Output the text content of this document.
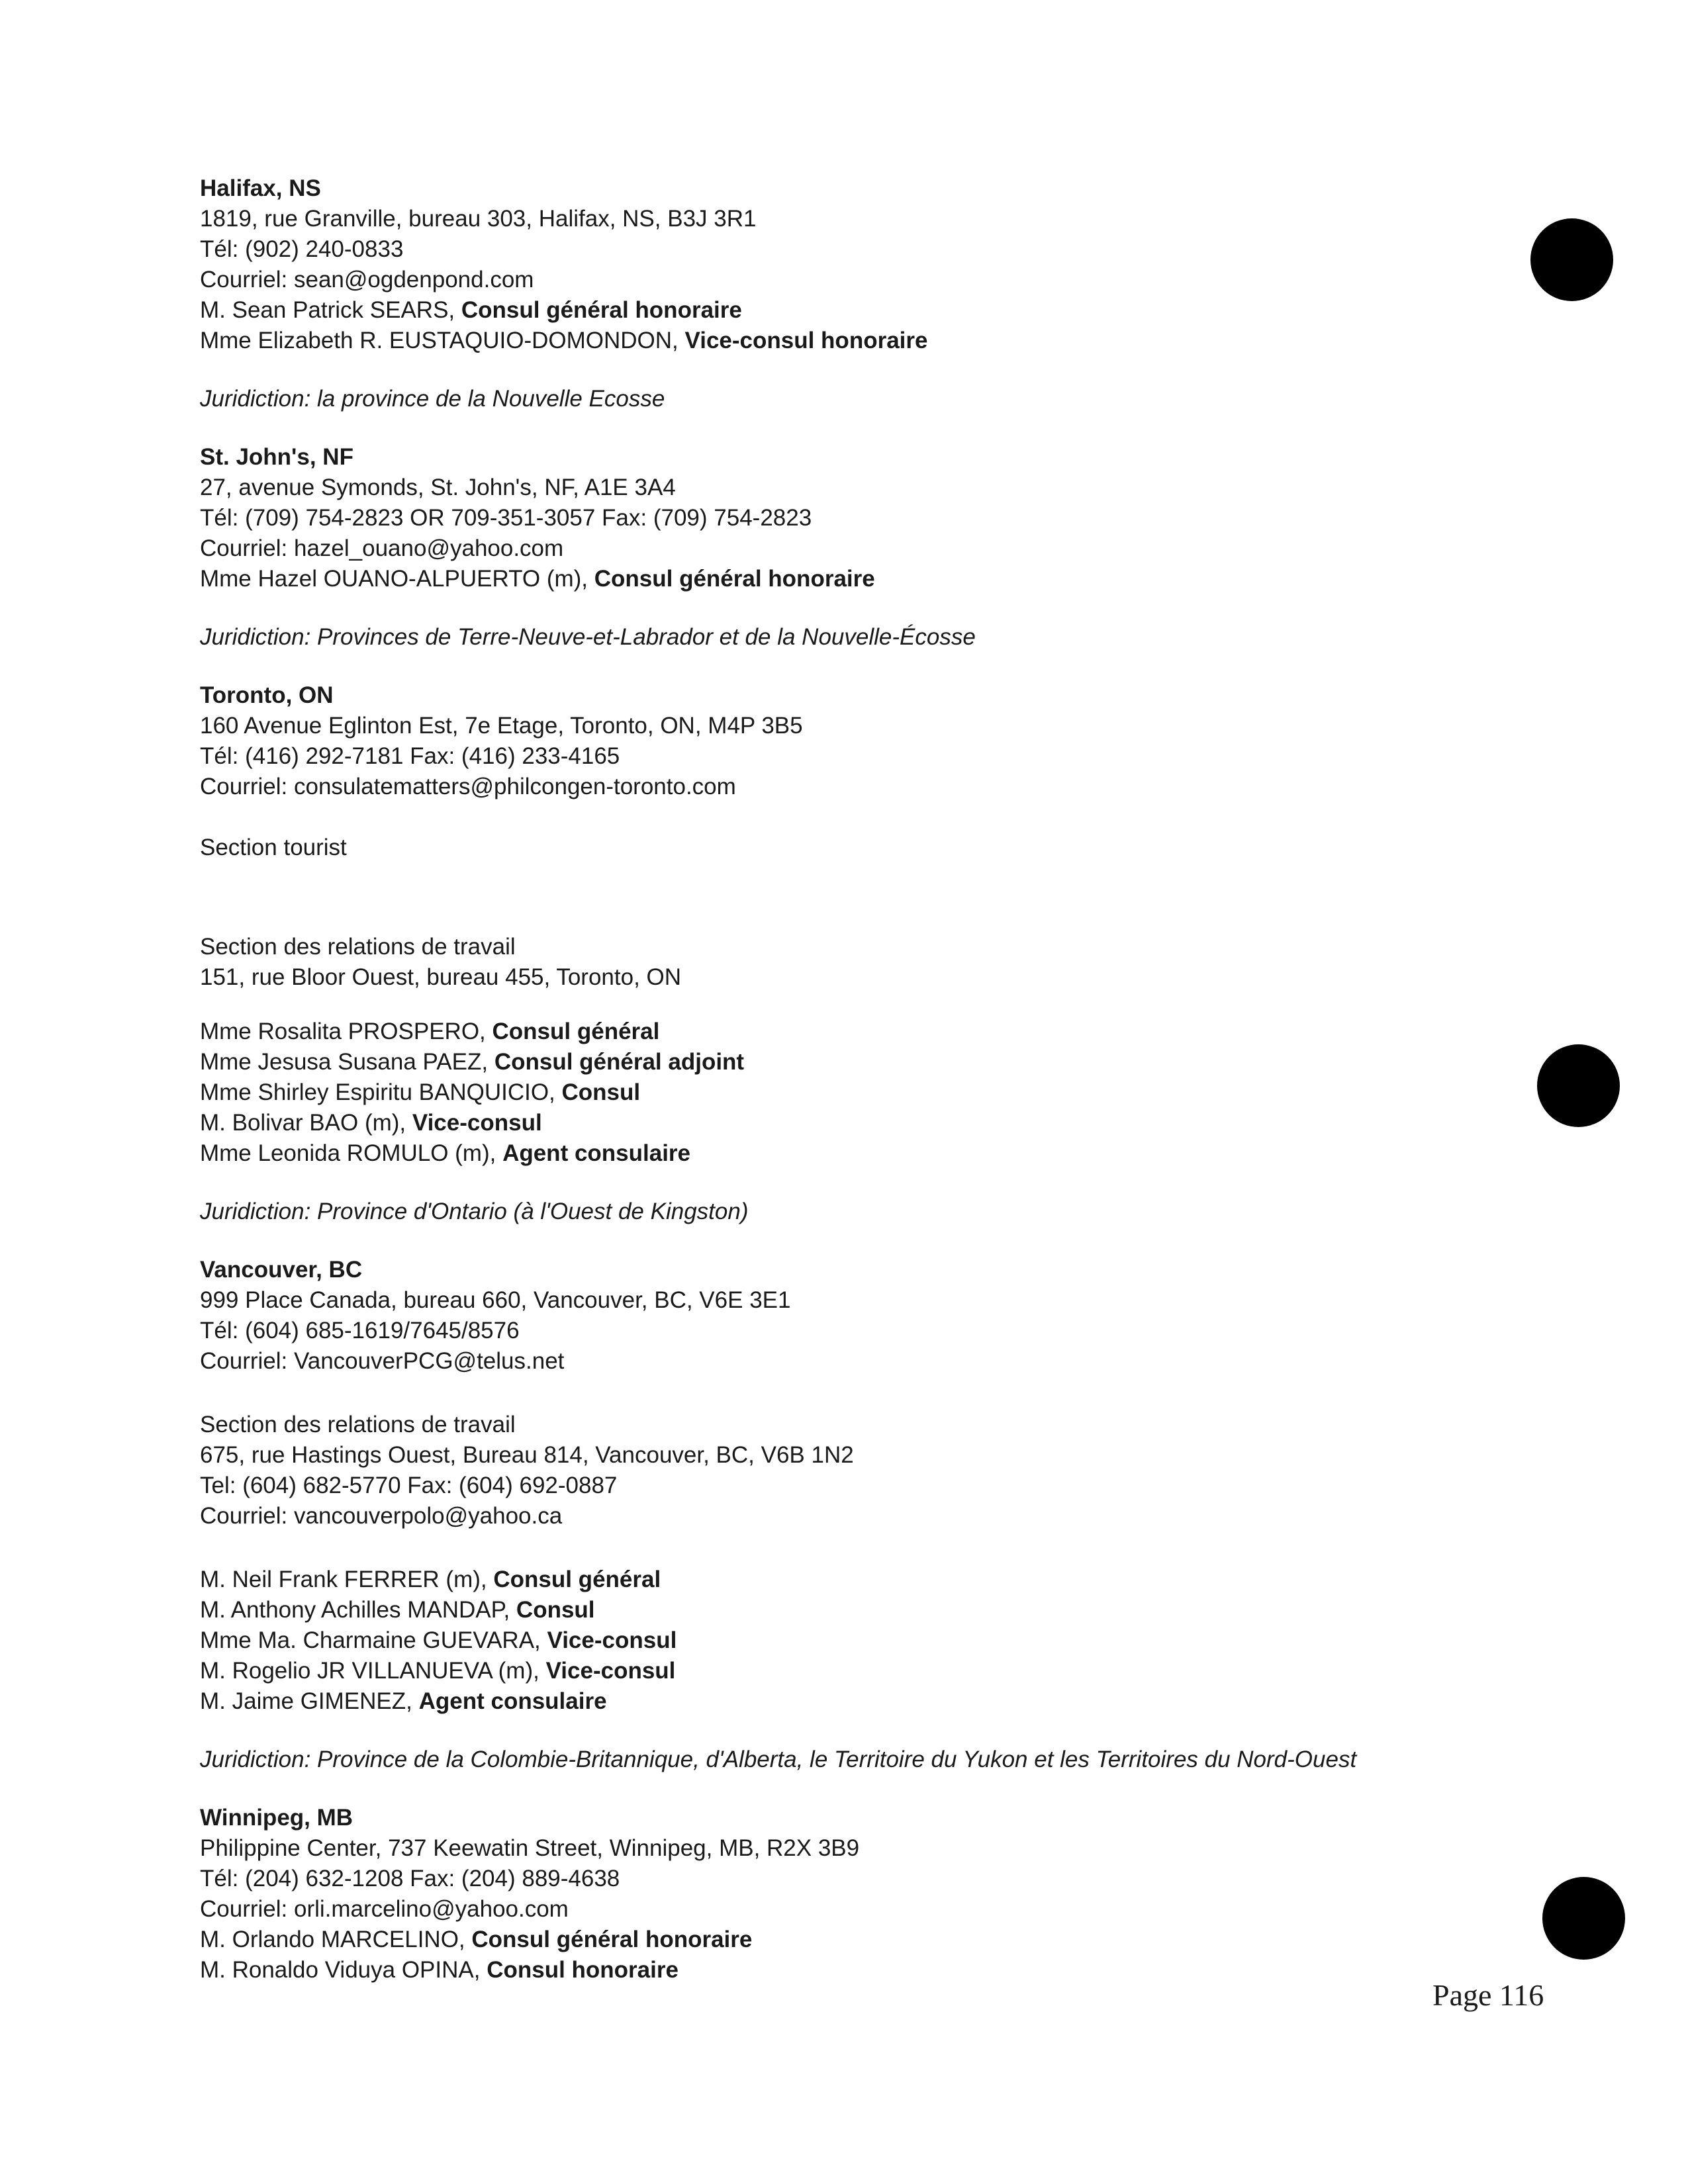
Halifax, NS
1819, rue Granville, bureau 303, Halifax, NS, B3J 3R1
Tél: (902) 240-0833
Courriel: sean@ogdenpond.com
M. Sean Patrick SEARS, Consul général honoraire
Mme Elizabeth R. EUSTAQUIO-DOMONDON, Vice-consul honoraire
Juridiction: la province de la Nouvelle Ecosse
St. John's, NF
27, avenue Symonds, St. John's, NF, A1E 3A4
Tél: (709) 754-2823 OR 709-351-3057 Fax: (709) 754-2823
Courriel: hazel_ouano@yahoo.com
Mme Hazel OUANO-ALPUERTO (m), Consul général honoraire
Juridiction: Provinces de Terre-Neuve-et-Labrador et de la Nouvelle-Écosse
Toronto, ON
160 Avenue Eglinton Est, 7e Etage, Toronto, ON, M4P 3B5
Tél: (416) 292-7181 Fax: (416) 233-4165
Courriel: consulatematters@philcongen-toronto.com
Section tourist
Section des relations de travail
151, rue Bloor Ouest, bureau 455, Toronto, ON
Mme Rosalita PROSPERO, Consul général
Mme Jesusa Susana PAEZ, Consul général adjoint
Mme Shirley Espiritu BANQUICIO, Consul
M. Bolivar BAO (m), Vice-consul
Mme Leonida ROMULO (m), Agent consulaire
Juridiction: Province d'Ontario (à l'Ouest de Kingston)
Vancouver, BC
999 Place Canada, bureau 660, Vancouver, BC, V6E 3E1
Tél: (604) 685-1619/7645/8576
Courriel: VancouverPCG@telus.net
Section des relations de travail
675, rue Hastings Ouest, Bureau 814, Vancouver, BC, V6B 1N2
Tel: (604) 682-5770 Fax: (604) 692-0887
Courriel: vancouverpolo@yahoo.ca
M. Neil Frank FERRER (m), Consul général
M. Anthony Achilles MANDAP, Consul
Mme Ma. Charmaine GUEVARA, Vice-consul
M. Rogelio JR VILLANUEVA (m), Vice-consul
M. Jaime GIMENEZ, Agent consulaire
Juridiction: Province de la Colombie-Britannique, d'Alberta, le Territoire du Yukon et les Territoires du Nord-Ouest
Winnipeg, MB
Philippine Center, 737 Keewatin Street, Winnipeg, MB, R2X 3B9
Tél: (204) 632-1208 Fax: (204) 889-4638
Courriel: orli.marcelino@yahoo.com
M. Orlando MARCELINO, Consul général honoraire
M. Ronaldo Viduya OPINA, Consul honoraire
Page 116
